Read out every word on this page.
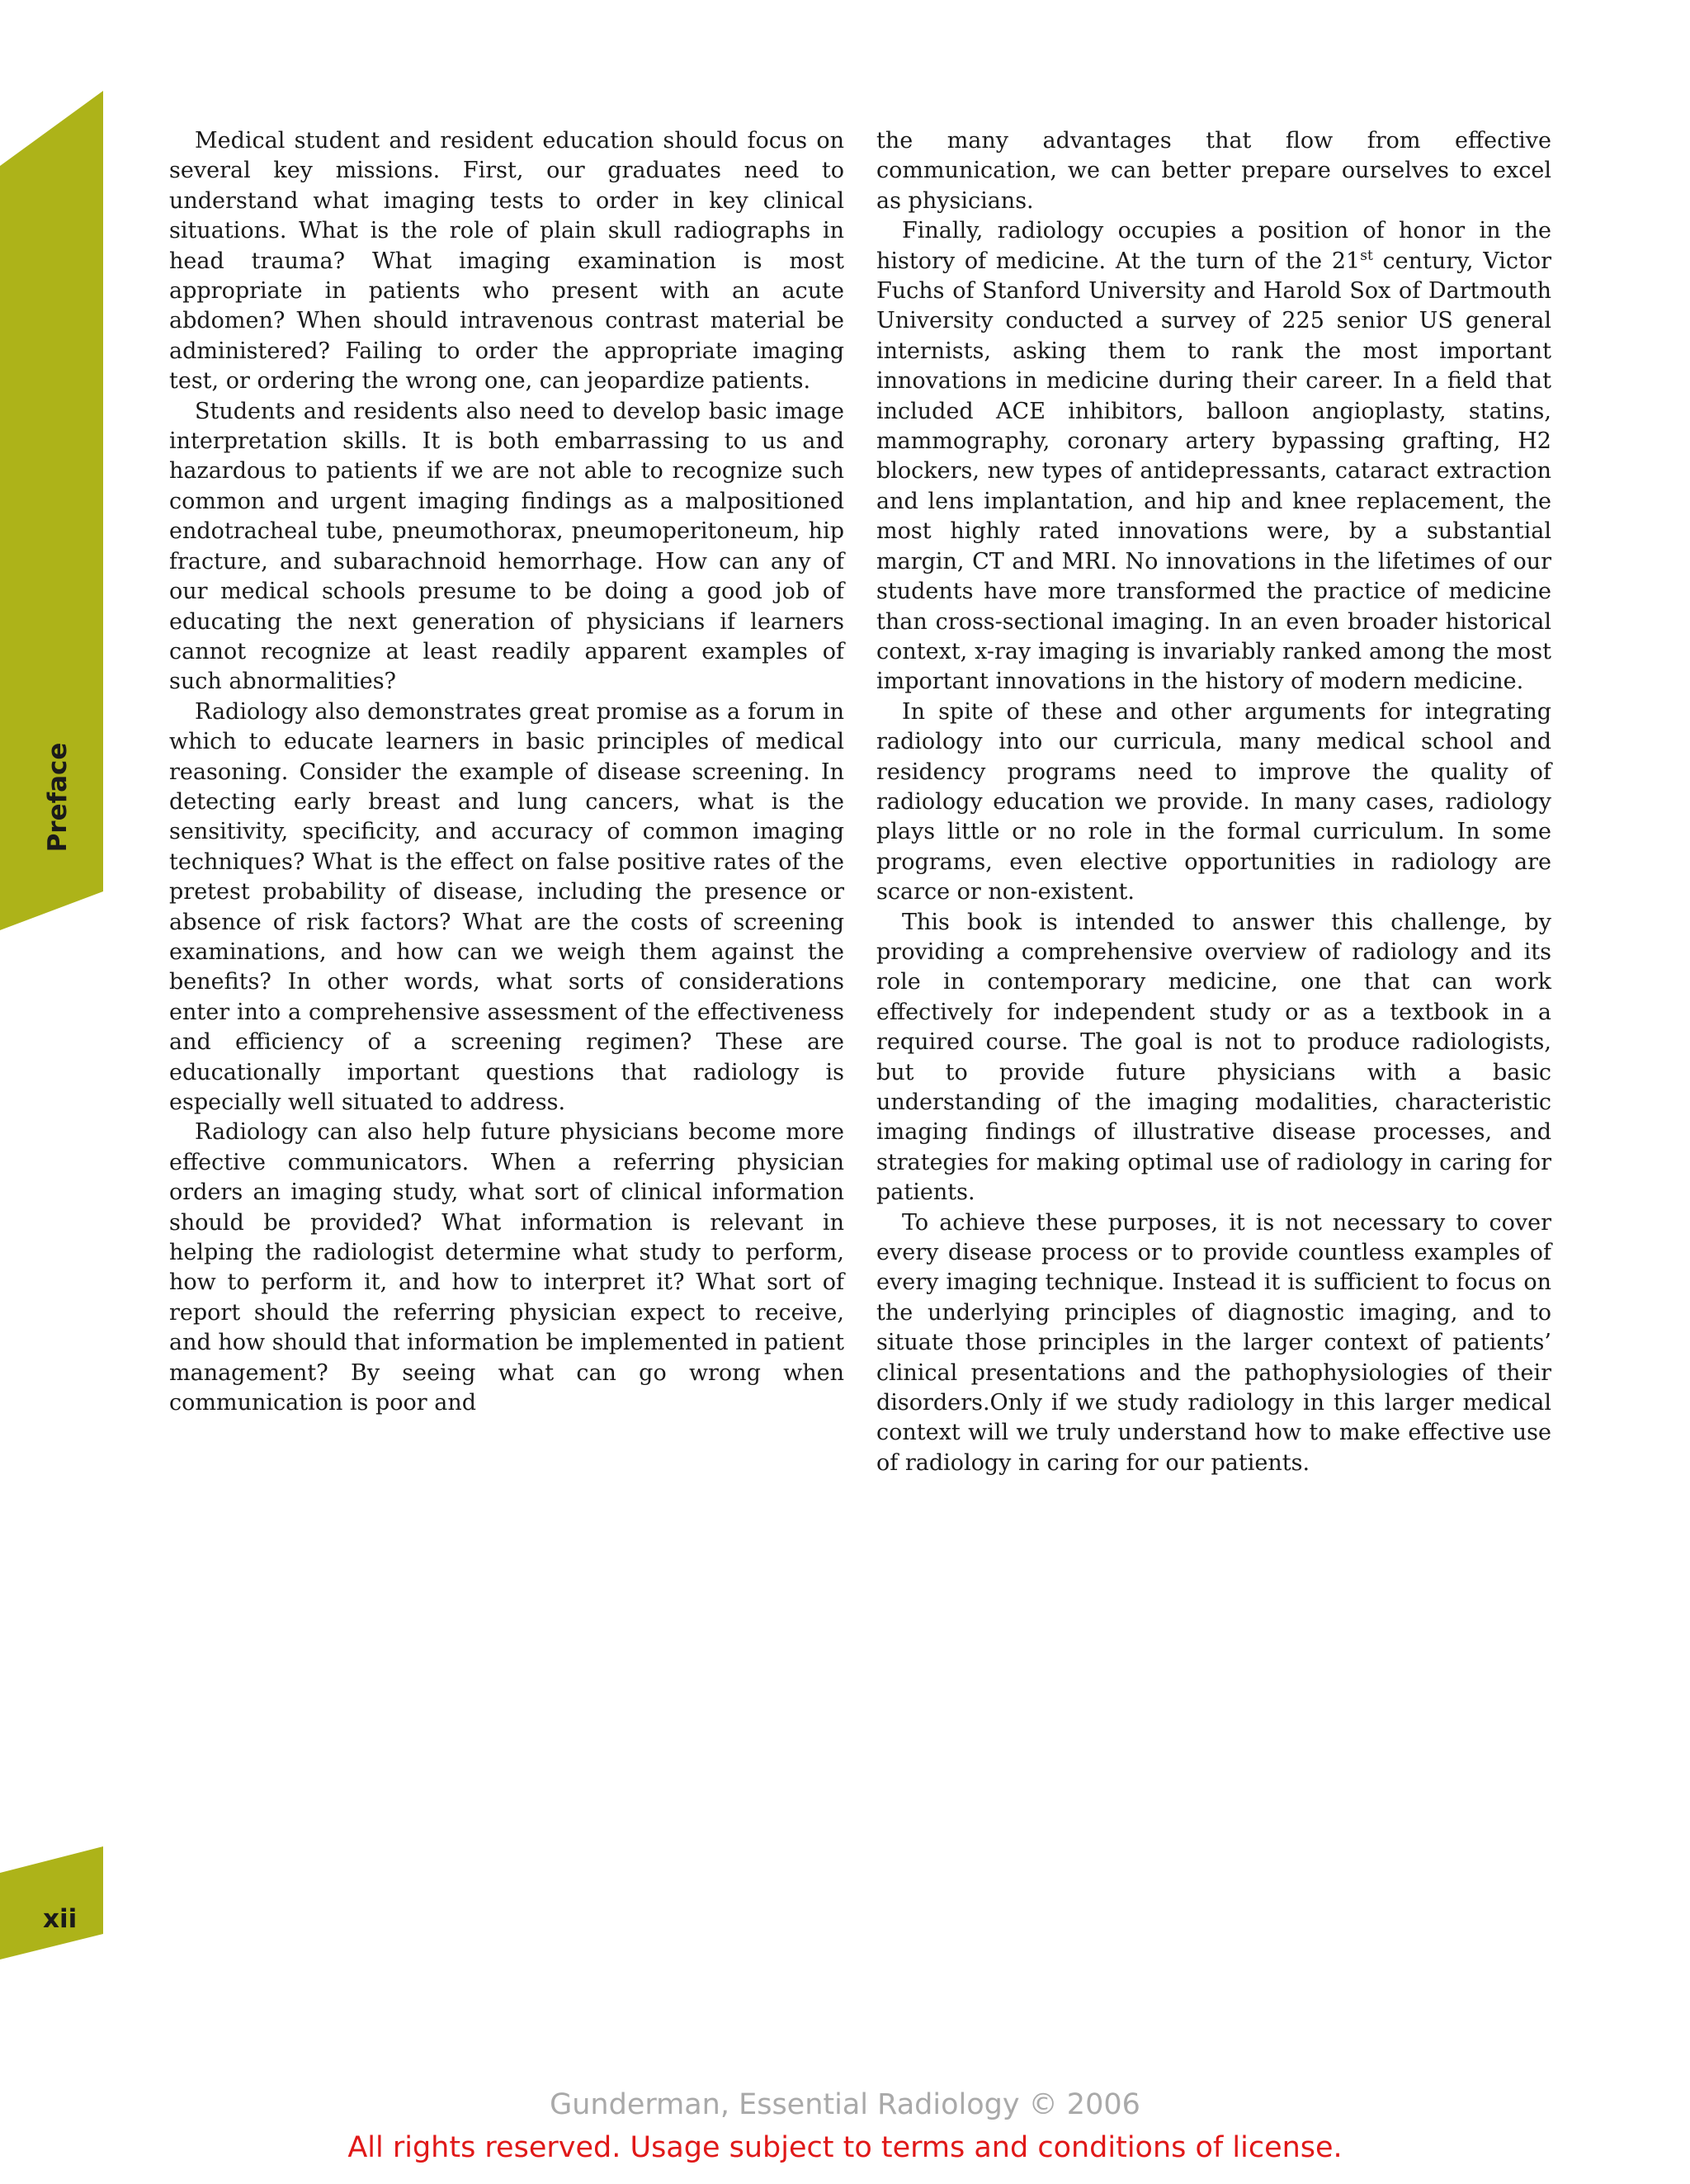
Preface
xii

Medical student and resident education should focus on several key missions. First, our graduates need to understand what imaging tests to order in key clinical situations. What is the role of plain skull radiographs in head trauma? What imaging examination is most appropriate in patients who present with an acute abdomen? When should intravenous contrast material be administered? Failing to order the appropriate imaging test, or ordering the wrong one, can jeopardize patients.

Students and residents also need to develop basic image interpretation skills. It is both embarrassing to us and hazardous to patients if we are not able to recognize such common and urgent imaging findings as a malpositioned endotracheal tube, pneumothorax, pneumoperitoneum, hip fracture, and subarachnoid hemorrhage. How can any of our medical schools presume to be doing a good job of educating the next generation of physicians if learners cannot recognize at least readily apparent examples of such abnormalities?

Radiology also demonstrates great promise as a forum in which to educate learners in basic principles of medical reasoning. Consider the example of disease screening. In detecting early breast and lung cancers, what is the sensitivity, specificity, and accuracy of common imaging techniques? What is the effect on false positive rates of the pretest probability of disease, including the presence or absence of risk factors? What are the costs of screening examinations, and how can we weigh them against the benefits? In other words, what sorts of considerations enter into a comprehensive assessment of the effectiveness and efficiency of a screening regimen? These are educationally important questions that radiology is especially well situated to address.

Radiology can also help future physicians become more effective communicators. When a referring physician orders an imaging study, what sort of clinical information should be provided? What information is relevant in helping the radiologist determine what study to perform, how to perform it, and how to interpret it? What sort of report should the referring physician expect to receive, and how should that information be implemented in patient management? By seeing what can go wrong when communication is poor and

the many advantages that flow from effective communication, we can better prepare ourselves to excel as physicians.

Finally, radiology occupies a position of honor in the history of medicine. At the turn of the 21st century, Victor Fuchs of Stanford University and Harold Sox of Dartmouth University conducted a survey of 225 senior US general internists, asking them to rank the most important innovations in medicine during their career. In a field that included ACE inhibitors, balloon angioplasty, statins, mammography, coronary artery bypassing grafting, H2 blockers, new types of antidepressants, cataract extraction and lens implantation, and hip and knee replacement, the most highly rated innovations were, by a substantial margin, CT and MRI. No innovations in the lifetimes of our students have more transformed the practice of medicine than cross-sectional imaging. In an even broader historical context, x-ray imaging is invariably ranked among the most important innovations in the history of modern medicine.

In spite of these and other arguments for integrating radiology into our curricula, many medical school and residency programs need to improve the quality of radiology education we provide. In many cases, radiology plays little or no role in the formal curriculum. In some programs, even elective opportunities in radiology are scarce or non-existent.

This book is intended to answer this challenge, by providing a comprehensive overview of radiology and its role in contemporary medicine, one that can work effectively for independent study or as a textbook in a required course. The goal is not to produce radiologists, but to provide future physicians with a basic understanding of the imaging modalities, characteristic imaging findings of illustrative disease processes, and strategies for making optimal use of radiology in caring for patients.

To achieve these purposes, it is not necessary to cover every disease process or to provide countless examples of every imaging technique. Instead it is sufficient to focus on the underlying principles of diagnostic imaging, and to situate those principles in the larger context of patients’ clinical presentations and the pathophysiologies of their disorders.Only if we study radiology in this larger medical context will we truly understand how to make effective use of radiology in caring for our patients.

Gunderman, Essential Radiology © 2006
All rights reserved. Usage subject to terms and conditions of license.
